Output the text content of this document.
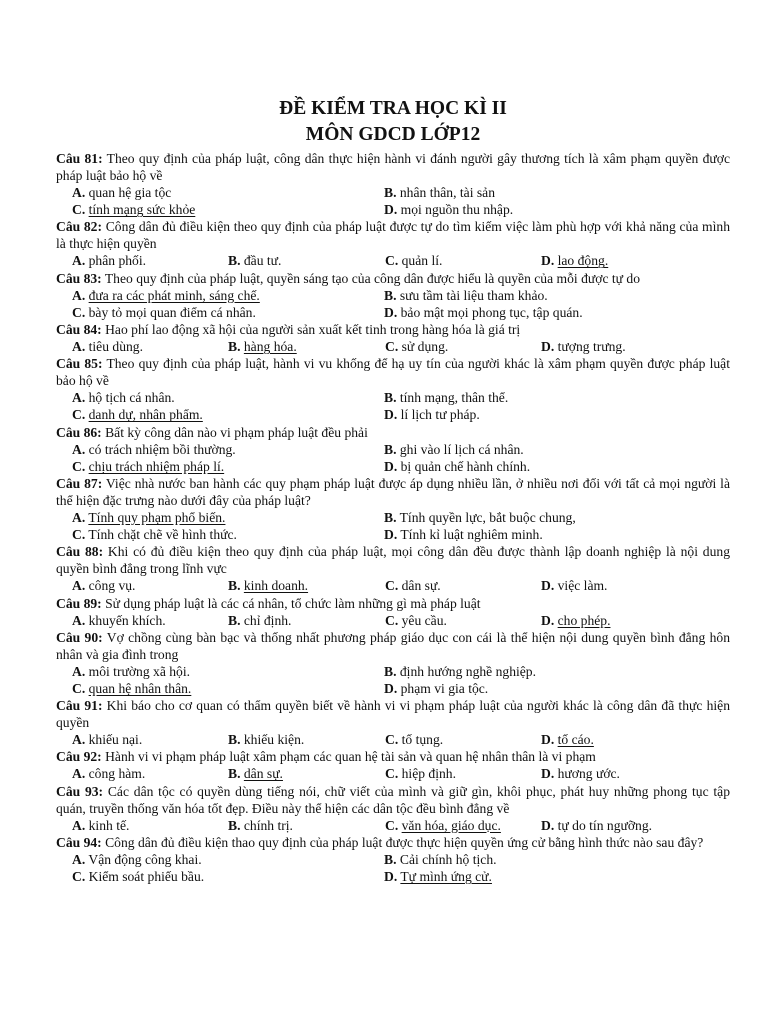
ĐỀ KIỂM TRA HỌC KÌ II
MÔN GDCD LỚP12
Câu 81: Theo quy định của pháp luật, công dân thực hiện hành vi đánh người gây thương tích là xâm phạm quyền được pháp luật bảo hộ về
A. quan hệ gia tộc	B. nhân thân, tài sản
C. tính mạng sức khỏe	D. mọi nguồn thu nhập.
Câu 82: Công dân đủ điều kiện theo quy định của pháp luật được tự do tìm kiếm việc làm phù hợp với khả năng của mình là thực hiện quyền
A. phân phối.	B. đầu tư.	C. quản lí.	D. lao động.
Câu 83: Theo quy định của pháp luật, quyền sáng tạo của công dân được hiểu là quyền của mỗi được tự do
A. đưa ra các phát minh, sáng chế.	B. sưu tầm tài liệu tham khảo.
C. bày tỏ mọi quan điểm cá nhân.	D. bảo mật mọi phong tục, tập quán.
Câu 84: Hao phí lao động xã hội của người sản xuất kết tinh trong hàng hóa là giá trị
A. tiêu dùng.	B. hàng hóa.	C. sử dụng.	D. tượng trưng.
Câu 85: Theo quy định của pháp luật, hành vi vu khống để hạ uy tín của người khác là xâm phạm quyền được pháp luật bảo hộ về
A. hộ tịch cá nhân.	B. tính mạng, thân thể.
C. danh dự, nhân phẩm.	D. lí lịch tư pháp.
Câu 86: Bất kỳ công dân nào vi phạm pháp luật đều phải
A. có trách nhiệm bồi thường.	B. ghi vào lí lịch cá nhân.
C. chịu trách nhiệm pháp lí.	D. bị quản chế hành chính.
Câu 87: Việc nhà nước ban hành các quy phạm pháp luật được áp dụng nhiều lần, ở nhiều nơi đối với tất cả mọi người là thể hiện đặc trưng nào dưới đây của pháp luật?
A. Tính quy phạm phổ biến.	B. Tính quyền lực, bắt buộc chung,
C. Tính chặt chẽ về hình thức.	D. Tính kỉ luật nghiêm minh.
Câu 88: Khi có đủ điều kiện theo quy định của pháp luật, mọi công dân đều được thành lập doanh nghiệp là nội dung quyền bình đẳng trong lĩnh vực
A. công vụ.	B. kinh doanh.	C. dân sự.	D. việc làm.
Câu 89: Sử dụng pháp luật là các cá nhân, tổ chức làm những gì mà pháp luật
A. khuyến khích.	B. chỉ định.	C. yêu cầu.	D. cho phép.
Câu 90: Vợ chồng cùng bàn bạc và thống nhất phương pháp giáo dục con cái là thể hiện nội dung quyền bình đẳng hôn nhân và gia đình trong
A. môi trường xã hội.	B. định hướng nghề nghiệp.
C. quan hệ nhân thân.	D. phạm vi gia tộc.
Câu 91: Khi báo cho cơ quan có thẩm quyền biết về hành vi vi phạm pháp luật của người khác là công dân đã thực hiện quyền
A. khiếu nại.	B. khiếu kiện.	C. tố tụng.	D. tố cáo.
Câu 92: Hành vi vi phạm pháp luật xâm phạm các quan hệ tài sản và quan hệ nhân thân là vi phạm
A. công hàm.	B. dân sự.	C. hiệp định.	D. hương ước.
Câu 93: Các dân tộc có quyền dùng tiếng nói, chữ viết của mình và giữ gìn, khôi phục, phát huy những phong tục tập quán, truyền thống văn hóa tốt đẹp. Điều này thể hiện các dân tộc đều bình đẳng về
A. kinh tế.	B. chính trị.	C. văn hóa, giáo dục.	D. tự do tín ngưỡng.
Câu 94: Công dân đủ điều kiện thao quy định của pháp luật được thực hiện quyền ứng cử bằng hình thức nào sau đây?
A. Vận động công khai.	B. Cải chính hộ tịch.
C. Kiểm soát phiếu bầu.	D. Tự mình ứng cử.
